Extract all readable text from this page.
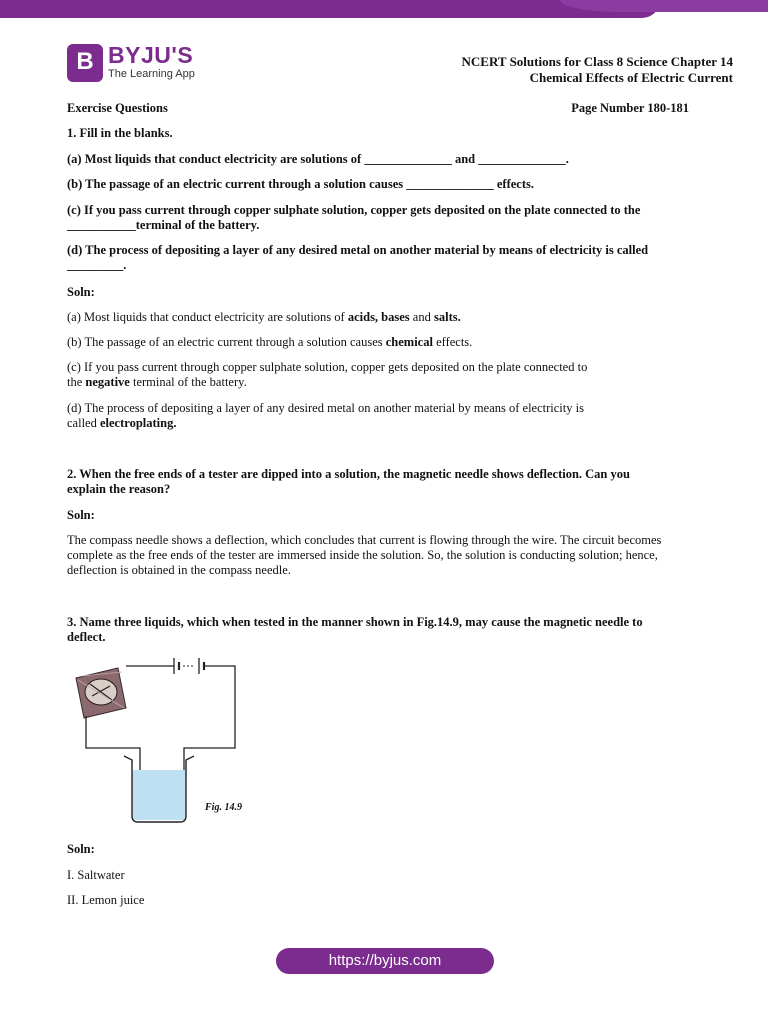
B BYJU'S
The Learning App
NCERT Solutions for Class 8 Science Chapter 14
Chemical Effects of Electric Current
Exercise Questions	Page Number 180-181
1. Fill in the blanks.
(a) Most liquids that conduct electricity are solutions of ______________ and ______________.
(b) The passage of an electric current through a solution causes ______________ effects.
(c) If you pass current through copper sulphate solution, copper gets deposited on the plate connected to the
___________terminal of the battery.
(d) The process of depositing a layer of any desired metal on another material by means of electricity is called
_________.
Soln:
(a) Most liquids that conduct electricity are solutions of acids, bases and salts.
(b) The passage of an electric current through a solution causes chemical effects.
(c) If you pass current through copper sulphate solution, copper gets deposited on the plate connected to
the negative terminal of the battery.
(d) The process of depositing a layer of any desired metal on another material by means of electricity is
called electroplating.
2. When the free ends of a tester are dipped into a solution, the magnetic needle shows deflection. Can you
explain the reason?
Soln:
The compass needle shows a deflection, which concludes that current is flowing through the wire. The circuit becomes
complete as the free ends of the tester are immersed inside the solution. So, the solution is conducting solution; hence,
deflection is obtained in the compass needle.
3. Name three liquids, which when tested in the manner shown in Fig.14.9, may cause the magnetic needle to
deflect.
Fig. 14.9
Soln:
I. Saltwater
II. Lemon juice
https://byjus.com
